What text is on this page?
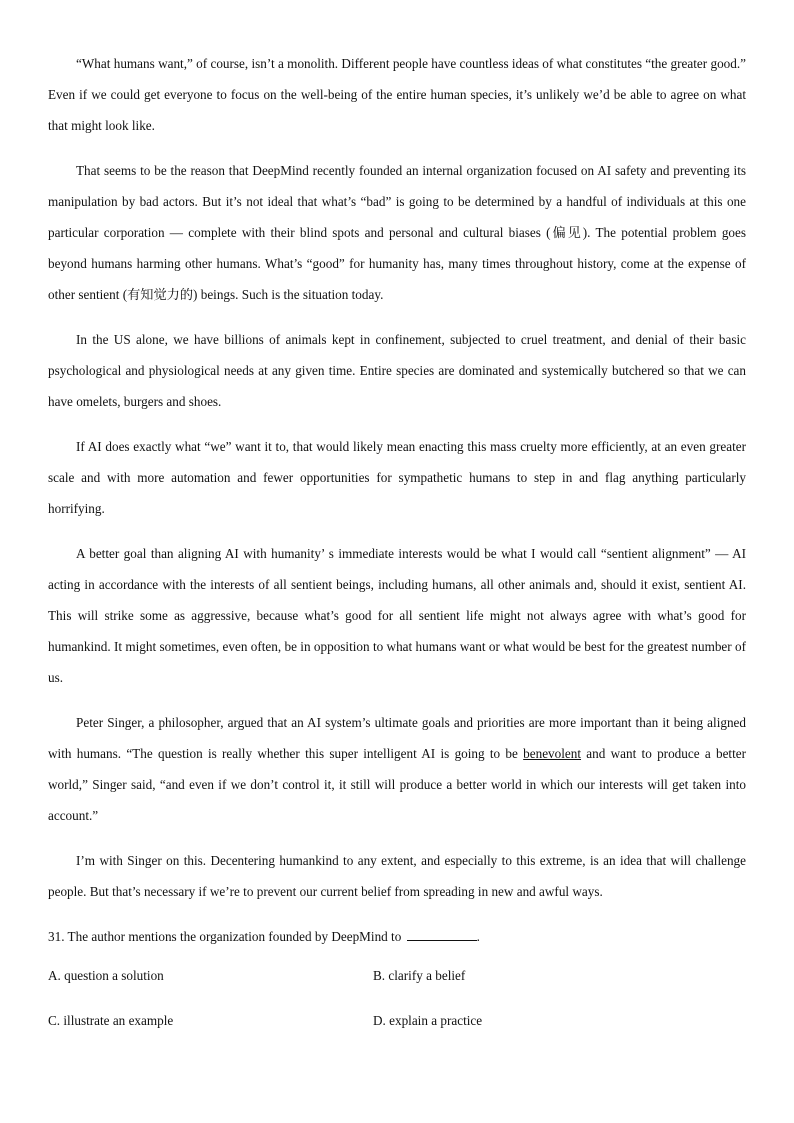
“What humans want,” of course, isn’t a monolith. Different people have countless ideas of what constitutes “the greater good.” Even if we could get everyone to focus on the well-being of the entire human species, it’s unlikely we’d be able to agree on what that might look like.

That seems to be the reason that DeepMind recently founded an internal organization focused on AI safety and preventing its manipulation by bad actors. But it’s not ideal that what’s “bad” is going to be determined by a handful of individuals at this one particular corporation — complete with their blind spots and personal and cultural biases (偏见). The potential problem goes beyond humans harming other humans. What’s “good” for humanity has, many times throughout history, come at the expense of other sentient (有知觉力的) beings. Such is the situation today.

In the US alone, we have billions of animals kept in confinement, subjected to cruel treatment, and denial of their basic psychological and physiological needs at any given time. Entire species are dominated and systemically butchered so that we can have omelets, burgers and shoes.

If AI does exactly what “we” want it to, that would likely mean enacting this mass cruelty more efficiently, at an even greater scale and with more automation and fewer opportunities for sympathetic humans to step in and flag anything particularly horrifying.

A better goal than aligning AI with humanity’ s immediate interests would be what I would call “sentient alignment” — AI acting in accordance with the interests of all sentient beings, including humans, all other animals and, should it exist, sentient AI. This will strike some as aggressive, because what’s good for all sentient life might not always agree with what’s good for humankind. It might sometimes, even often, be in opposition to what humans want or what would be best for the greatest number of us.

Peter Singer, a philosopher, argued that an AI system’s ultimate goals and priorities are more important than it being aligned with humans. “The question is really whether this super intelligent AI is going to be benevolent and want to produce a better world,” Singer said, “and even if we don’t control it, it still will produce a better world in which our interests will get taken into account.”

I’m with Singer on this. Decentering humankind to any extent, and especially to this extreme, is an idea that will challenge people. But that’s necessary if we’re to prevent our current belief from spreading in new and awful ways.

31. The author mentions the organization founded by DeepMind to	.

A. question a solution	B. clarify a belief
C. illustrate an example	D. explain a practice
